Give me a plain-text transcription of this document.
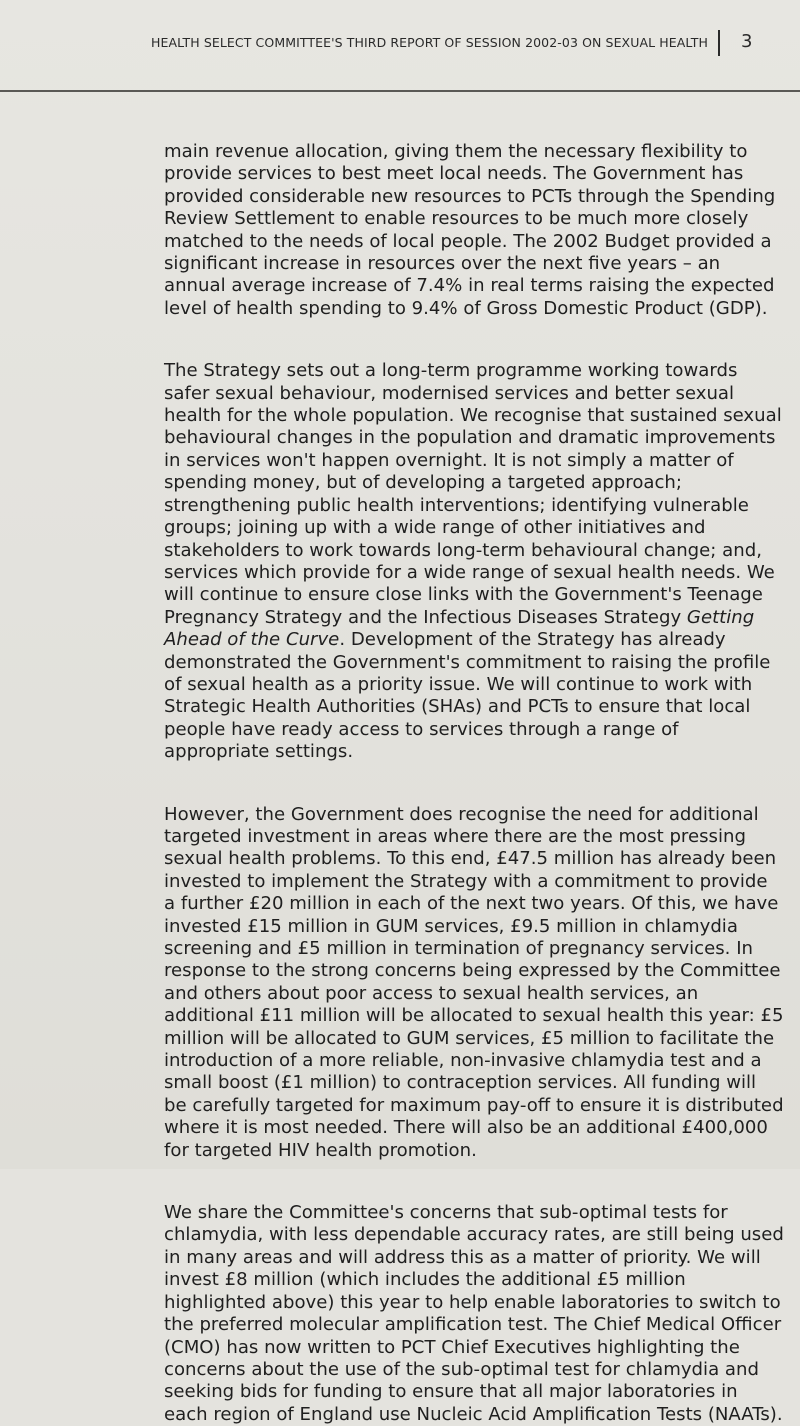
HEALTH SELECT COMMITTEE'S THIRD REPORT OF SESSION 2002-03 ON SEXUAL HEALTH 3

main revenue allocation, giving them the necessary flexibility to provide services to best meet local needs. The Government has provided considerable new resources to PCTs through the Spending Review Settlement to enable resources to be much more closely matched to the needs of local people. The 2002 Budget provided a significant increase in resources over the next five years – an annual average increase of 7.4% in real terms raising the expected level of health spending to 9.4% of Gross Domestic Product (GDP).

The Strategy sets out a long-term programme working towards safer sexual behaviour, modernised services and better sexual health for the whole population. We recognise that sustained sexual behavioural changes in the population and dramatic improvements in services won't happen overnight. It is not simply a matter of spending money, but of developing a targeted approach; strengthening public health interventions; identifying vulnerable groups; joining up with a wide range of other initiatives and stakeholders to work towards long-term behavioural change; and, services which provide for a wide range of sexual health needs. We will continue to ensure close links with the Government's Teenage Pregnancy Strategy and the Infectious Diseases Strategy Getting Ahead of the Curve. Development of the Strategy has already demonstrated the Government's commitment to raising the profile of sexual health as a priority issue. We will continue to work with Strategic Health Authorities (SHAs) and PCTs to ensure that local people have ready access to services through a range of appropriate settings.

However, the Government does recognise the need for additional targeted investment in areas where there are the most pressing sexual health problems. To this end, £47.5 million has already been invested to implement the Strategy with a commitment to provide a further £20 million in each of the next two years. Of this, we have invested £15 million in GUM services, £9.5 million in chlamydia screening and £5 million in termination of pregnancy services. In response to the strong concerns being expressed by the Committee and others about poor access to sexual health services, an additional £11 million will be allocated to sexual health this year: £5 million will be allocated to GUM services, £5 million to facilitate the introduction of a more reliable, non-invasive chlamydia test and a small boost (£1 million) to contraception services. All funding will be carefully targeted for maximum pay-off to ensure it is distributed where it is most needed. There will also be an additional £400,000 for targeted HIV health promotion.

We share the Committee's concerns that sub-optimal tests for chlamydia, with less dependable accuracy rates, are still being used in many areas and will address this as a matter of priority. We will invest £8 million (which includes the additional £5 million highlighted above) this year to help enable laboratories to switch to the preferred molecular amplification test. The Chief Medical Officer (CMO) has now written to PCT Chief Executives highlighting the concerns about the use of the sub-optimal test for chlamydia and seeking bids for funding to ensure that all major laboratories in each region of England use Nucleic Acid Amplification Tests (NAATs).
